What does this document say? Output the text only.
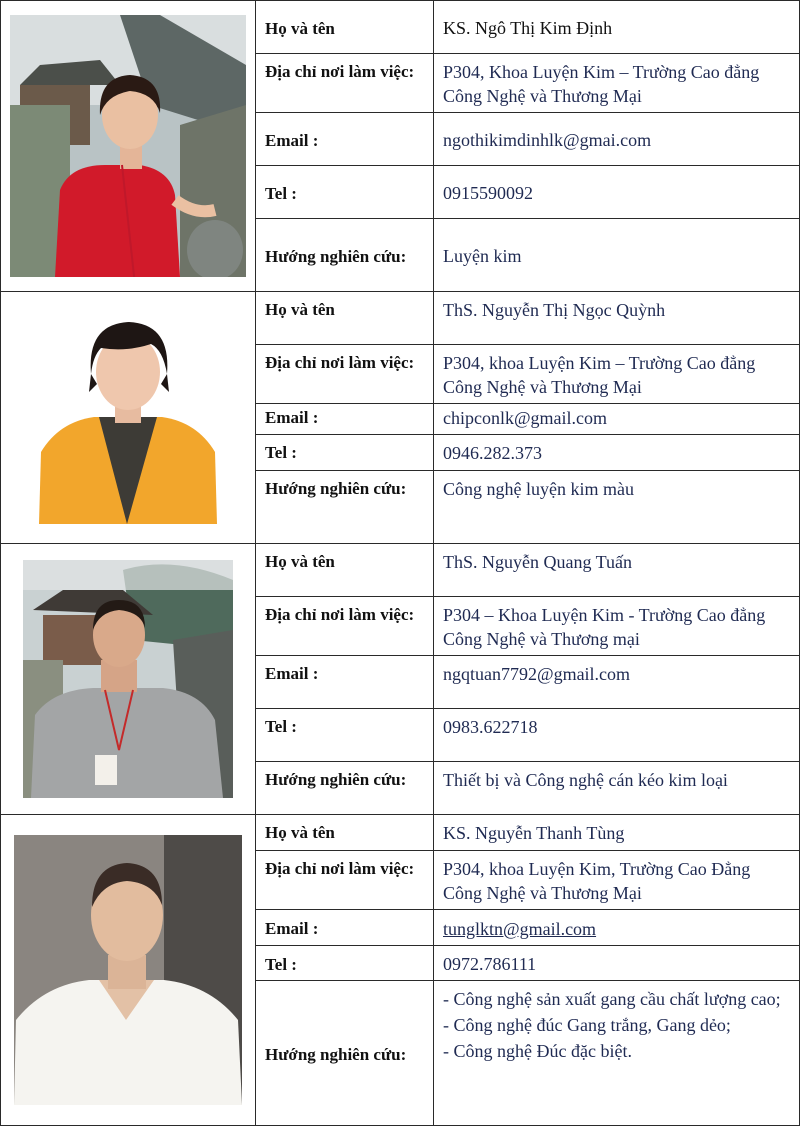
	Họ và tên	KS. Ngô Thị Kim Định
	Địa chỉ nơi làm việc:	P304, Khoa Luyện Kim – Trường Cao đẳng Công Nghệ và Thương Mại
	Email :	ngothikimdinhlk@gmai.com
	Tel :	0915590092
	Hướng nghiên cứu:	Luyện kim

	Họ và tên	ThS. Nguyễn Thị Ngọc Quỳnh
	Địa chỉ nơi làm việc:	P304, khoa Luyện Kim – Trường Cao đẳng Công Nghệ và Thương Mại
	Email :	chipconlk@gmail.com
	Tel :	0946.282.373
	Hướng nghiên cứu:	Công nghệ luyện kim màu

	Họ và tên	ThS. Nguyễn Quang Tuấn
	Địa chỉ nơi làm việc:	P304 – Khoa Luyện Kim - Trường Cao đẳng Công Nghệ và Thương mại
	Email :	ngqtuan7792@gmail.com
	Tel :	0983.622718
	Hướng nghiên cứu:	Thiết bị và Công nghệ cán kéo kim loại

	Họ và tên	KS. Nguyễn Thanh Tùng
	Địa chỉ nơi làm việc:	P304, khoa Luyện Kim, Trường Cao Đẳng Công Nghệ và Thương Mại
	Email :	tunglktn@gmail.com
	Tel :	0972.786111
	Hướng nghiên cứu:	- Công nghệ sản xuất gang cầu chất lượng cao;
- Công nghệ đúc Gang trắng, Gang dẻo;
- Công nghệ Đúc đặc biệt.
